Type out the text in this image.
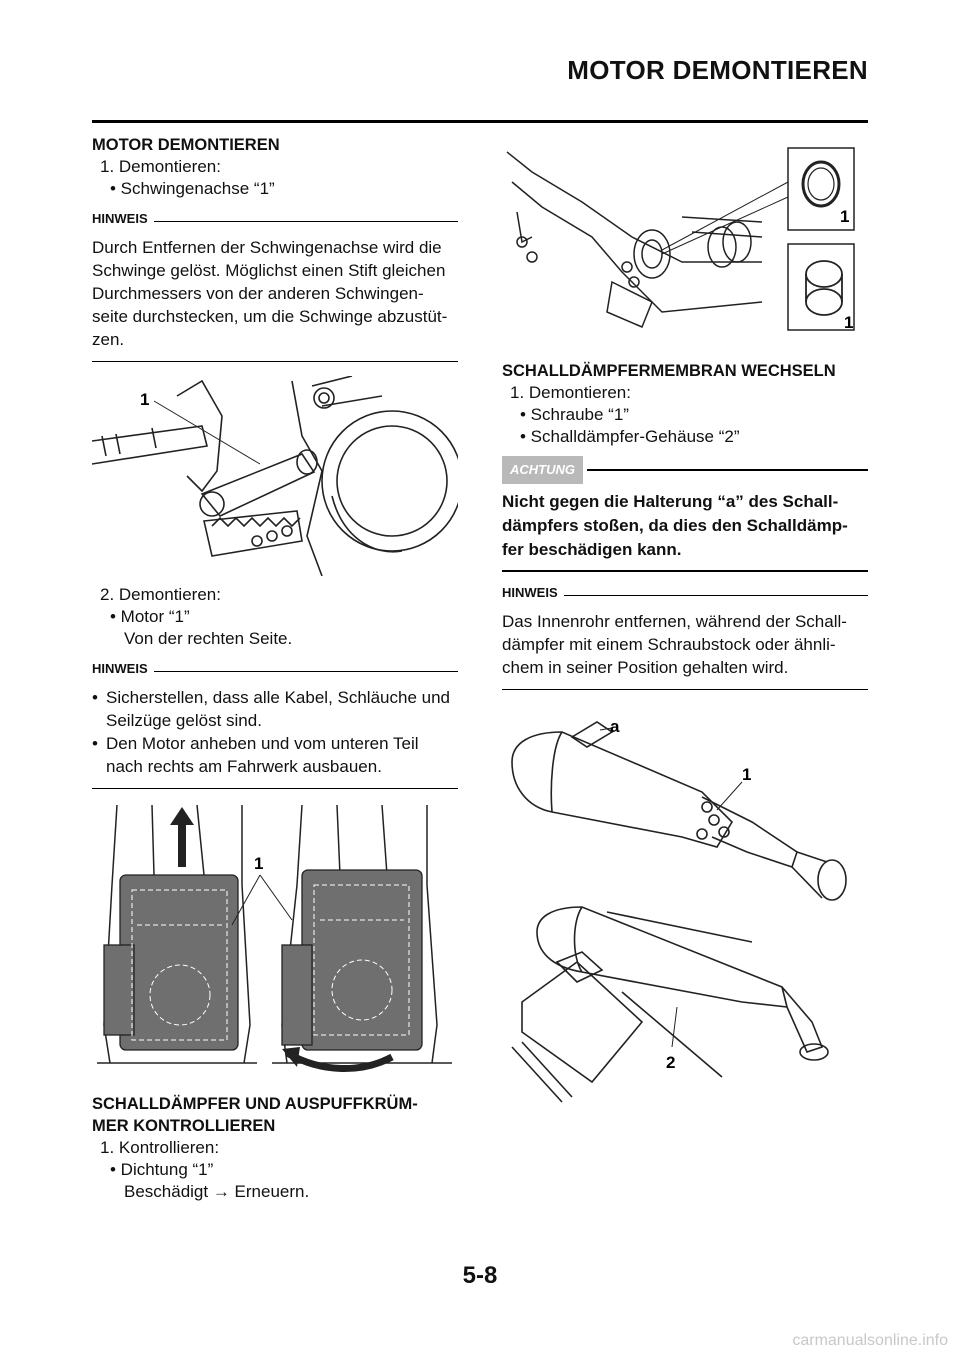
MOTOR DEMONTIEREN
MOTOR DEMONTIEREN
1. Demontieren:
• Schwingenachse “1”
HINWEIS
Durch Entfernen der Schwingenachse wird die Schwinge gelöst. Möglichst einen Stift gleichen Durchmessers von der anderen Schwingen-seite durchstecken, um die Schwinge abzustüt-zen.
1
2. Demontieren:
• Motor “1”
Von der rechten Seite.
HINWEIS
• Sicherstellen, dass alle Kabel, Schläuche und Seilzüge gelöst sind.
• Den Motor anheben und vom unteren Teil nach rechts am Fahrwerk ausbauen.
1
SCHALLDÄMPFER UND AUSPUFFKRÜM-
MER KONTROLLIEREN
1. Kontrollieren:
• Dichtung “1”
Beschädigt → Erneuern.
1
1
SCHALLDÄMPFERMEMBRAN WECHSELN
1. Demontieren:
• Schraube “1”
• Schalldämpfer-Gehäuse “2”
ACHTUNG
Nicht gegen die Halterung “a” des Schall-dämpfers stoßen, da dies den Schalldämp-fer beschädigen kann.
HINWEIS
Das Innenrohr entfernen, während der Schall-dämpfer mit einem Schraubstock oder ähnli-chem in seiner Position gehalten wird.
a
1
2
5-8
carmanualsonline.info
